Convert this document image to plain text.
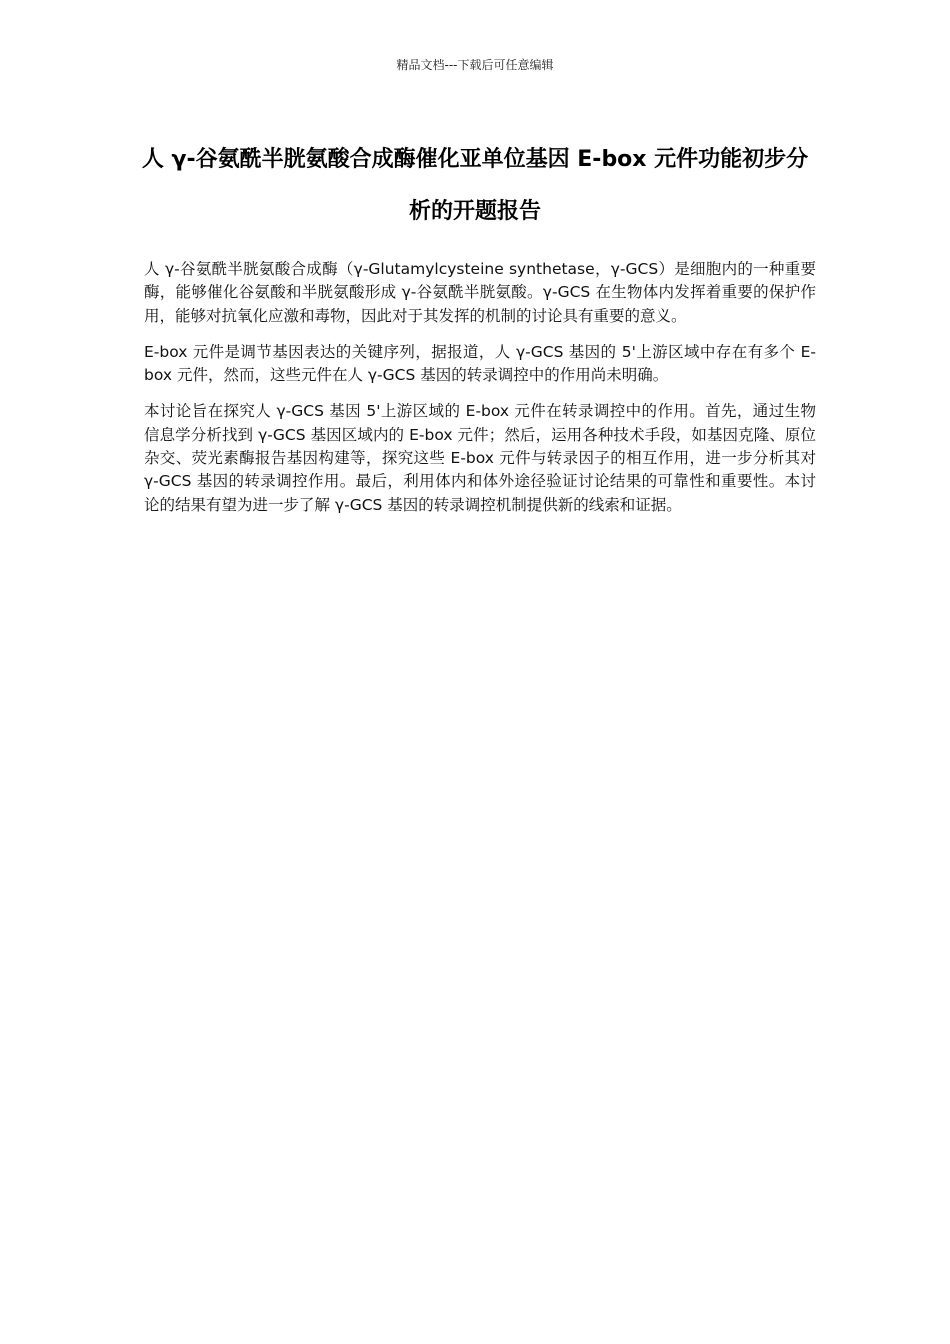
精品文档---下载后可任意编辑
人 γ-谷氨酰半胱氨酸合成酶催化亚单位基因 E-box 元件功能初步分析的开题报告

人 γ-谷氨酰半胱氨酸合成酶（γ-Glutamylcysteine synthetase，γ-GCS）是细胞内的一种重要酶，能够催化谷氨酸和半胱氨酸形成 γ-谷氨酰半胱氨酸。γ-GCS 在生物体内发挥着重要的保护作用，能够对抗氧化应激和毒物，因此对于其发挥的机制的讨论具有重要的意义。

E-box 元件是调节基因表达的关键序列，据报道，人 γ-GCS 基因的 5'上游区域中存在有多个 E-box 元件，然而，这些元件在人 γ-GCS 基因的转录调控中的作用尚未明确。

本讨论旨在探究人 γ-GCS 基因 5'上游区域的 E-box 元件在转录调控中的作用。首先，通过生物信息学分析找到 γ-GCS 基因区域内的 E-box 元件；然后，运用各种技术手段，如基因克隆、原位杂交、荧光素酶报告基因构建等，探究这些 E-box 元件与转录因子的相互作用，进一步分析其对 γ-GCS 基因的转录调控作用。最后，利用体内和体外途径验证讨论结果的可靠性和重要性。本讨论的结果有望为进一步了解 γ-GCS 基因的转录调控机制提供新的线索和证据。
